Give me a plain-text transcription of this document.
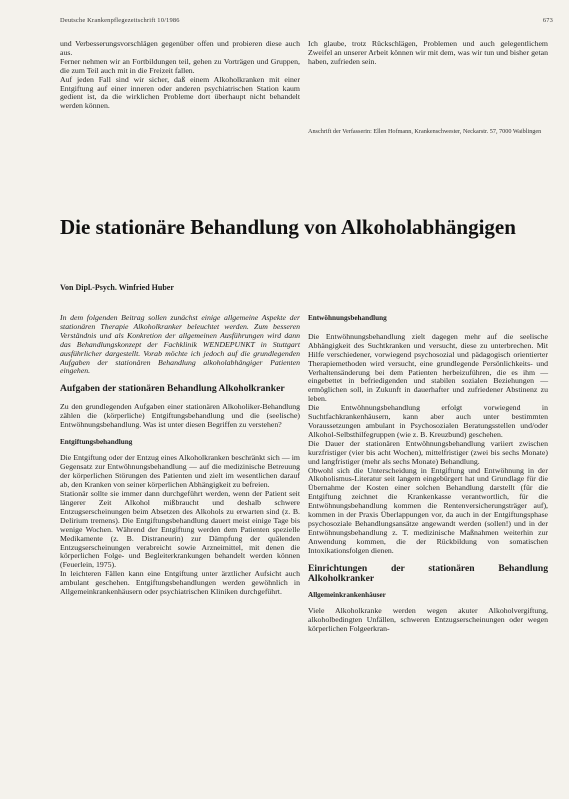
Deutsche Krankenpflegezeitschrift 10/1986	673

und Verbesserungsvorschlägen gegenüber offen und probieren diese auch aus.

Ferner nehmen wir an Fortbildungen teil, gehen zu Vorträgen und Gruppen, die zum Teil auch mit in die Freizeit fallen.

Auf jeden Fall sind wir sicher, daß einem Alkoholkranken mit einer Entgiftung auf einer inneren oder anderen psychiatrischen Station kaum gedient ist, da die wirklichen Probleme dort überhaupt nicht behandelt werden können.

Ich glaube, trotz Rückschlägen, Problemen und auch gelegentlichem Zweifel an unserer Arbeit können wir mit dem, was wir tun und bisher getan haben, zufrieden sein.

Anschrift der Verfasserin: Ellen Hofmann, Krankenschwester, Neckarstr. 57, 7000 Waiblingen
Die stationäre Behandlung von Alkoholabhängigen
Von Dipl.-Psych. Winfried Huber

In dem folgenden Beitrag sollen zunächst einige allgemeine Aspekte der stationären Therapie Alkoholkranker beleuchtet werden. Zum besseren Verständnis und als Konkretion der allgemeinen Ausführungen wird dann das Behandlungskonzept der Fachklinik WENDEPUNKT in Stuttgart ausführlicher dargestellt. Vorab möchte ich jedoch auf die grundlegenden Aufgaben der stationären Behandlung alkoholabhängiger Patienten eingehen.

Aufgaben der stationären Behandlung Alkoholkranker

Zu den grundlegenden Aufgaben einer stationären Alkoholiker-Behandlung zählen die (körperliche) Entgiftungsbehandlung und die (seelische) Entwöhnungsbehandlung. Was ist unter diesen Begriffen zu verstehen?

Entgiftungsbehandlung

Die Entgiftung oder der Entzug eines Alkoholkranken beschränkt sich — im Gegensatz zur Entwöhnungsbehandlung — auf die medizinische Betreuung der körperlichen Störungen des Patienten und zielt im wesentlichen darauf ab, den Kranken von seiner körperlichen Abhängigkeit zu befreien.

Stationär sollte sie immer dann durchgeführt werden, wenn der Patient seit längerer Zeit Alkohol mißbraucht und deshalb schwere Entzugserscheinungen beim Absetzen des Alkohols zu erwarten sind (z. B. Delirium tremens). Die Entgiftungsbehandlung dauert meist einige Tage bis wenige Wochen. Während der Entgiftung werden dem Patienten spezielle Medikamente (z. B. Distraneurin) zur Dämpfung der quälenden Entzugserscheinungen verabreicht sowie Arzneimittel, mit denen die körperlichen Folge- und Begleiterkrankungen behandelt werden können (Feuerlein, 1975).

In leichteren Fällen kann eine Entgiftung unter ärztlicher Aufsicht auch ambulant geschehen. Entgiftungsbehandlungen werden gewöhnlich in Allgemeinkrankenhäusern oder psychiatrischen Kliniken durchgeführt.

Entwöhnungsbehandlung

Die Entwöhnungsbehandlung zielt dagegen mehr auf die seelische Abhängigkeit des Suchtkranken und versucht, diese zu unterbrechen. Mit Hilfe verschiedener, vorwiegend psychosozial und pädagogisch orientierter Therapiemethoden wird versucht, eine grundlegende Persönlichkeits- und Verhaltensänderung bei dem Patienten herbeizuführen, die es ihm — eingebettet in befriedigenden und stabilen sozialen Beziehungen — ermöglichen soll, in Zukunft in dauerhafter und zufriedener Abstinenz zu leben.

Die Entwöhnungsbehandlung erfolgt vorwiegend in Suchtfachkrankenhäusern, kann aber auch unter bestimmten Voraussetzungen ambulant in Psychosozialen Beratungsstellen und/oder Alkohol-Selbsthilfegruppen (wie z. B. Kreuzbund) geschehen.

Die Dauer der stationären Entwöhnungsbehandlung variiert zwischen kurzfristiger (vier bis acht Wochen), mittelfristiger (zwei bis sechs Monate) und langfristiger (mehr als sechs Monate) Behandlung.

Obwohl sich die Unterscheidung in Entgiftung und Entwöhnung in der Alkoholismus-Literatur seit langem eingebürgert hat und Grundlage für die Übernahme der Kosten einer solchen Behandlung darstellt (für die Entgiftung zeichnet die Krankenkasse verantwortlich, für die Entwöhnungsbehandlung kommen die Rentenversicherungsträger auf), kommen in der Praxis Überlappungen vor, da auch in der Entgiftungsphase psychosoziale Behandlungsansätze angewandt werden (sollen!) und in der Entwöhnungsbehandlung z. T. medizinische Maßnahmen weiterhin zur Anwendung kommen, die der Rückbildung von somatischen Intoxikationsfolgen dienen.

Einrichtungen der stationären Behandlung Alkoholkranker

Allgemeinkrankenhäuser

Viele Alkoholkranke werden wegen akuter Alkoholvergiftung, alkoholbedingten Unfällen, schweren Entzugserscheinungen oder wegen körperlichen Folgeerkran-
